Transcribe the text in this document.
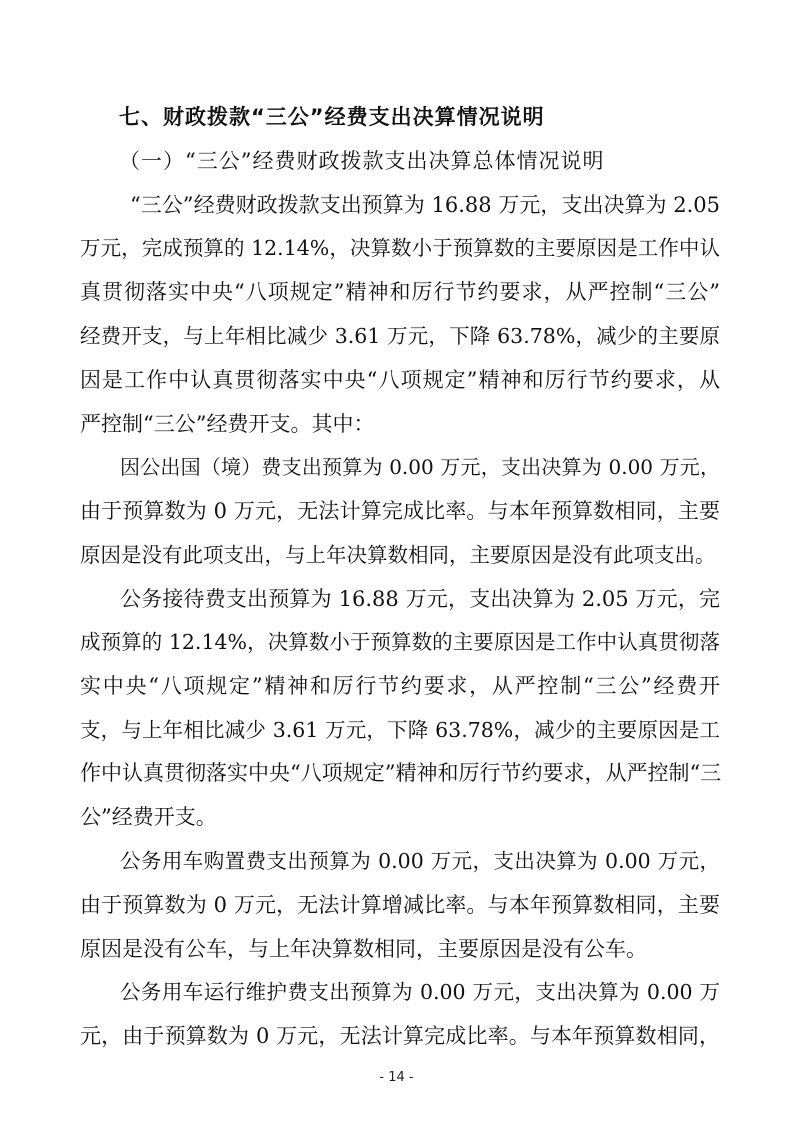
七、财政拨款“三公”经费支出决算情况说明
（一）“三公”经费财政拨款支出决算总体情况说明
“三公”经费财政拨款支出预算为 16.88 万元，支出决算为 2.05
万元，完成预算的 12.14%，决算数小于预算数的主要原因是工作中认
真贯彻落实中央“八项规定”精神和厉行节约要求，从严控制“三公”
经费开支，与上年相比减少 3.61 万元，下降 63.78%，减少的主要原
因是工作中认真贯彻落实中央“八项规定”精神和厉行节约要求，从
严控制“三公”经费开支。其中：
因公出国（境）费支出预算为 0.00 万元，支出决算为 0.00 万元，
由于预算数为 0 万元，无法计算完成比率。与本年预算数相同，主要
原因是没有此项支出，与上年决算数相同，主要原因是没有此项支出。
公务接待费支出预算为 16.88 万元，支出决算为 2.05 万元，完
成预算的 12.14%，决算数小于预算数的主要原因是工作中认真贯彻落
实中央“八项规定”精神和厉行节约要求，从严控制“三公”经费开
支，与上年相比减少 3.61 万元，下降 63.78%，减少的主要原因是工
作中认真贯彻落实中央“八项规定”精神和厉行节约要求，从严控制“三
公”经费开支。
公务用车购置费支出预算为 0.00 万元，支出决算为 0.00 万元，
由于预算数为 0 万元，无法计算增减比率。与本年预算数相同，主要
原因是没有公车，与上年决算数相同，主要原因是没有公车。
公务用车运行维护费支出预算为 0.00 万元，支出决算为 0.00 万
元，由于预算数为 0 万元，无法计算完成比率。与本年预算数相同，
- 14 -
